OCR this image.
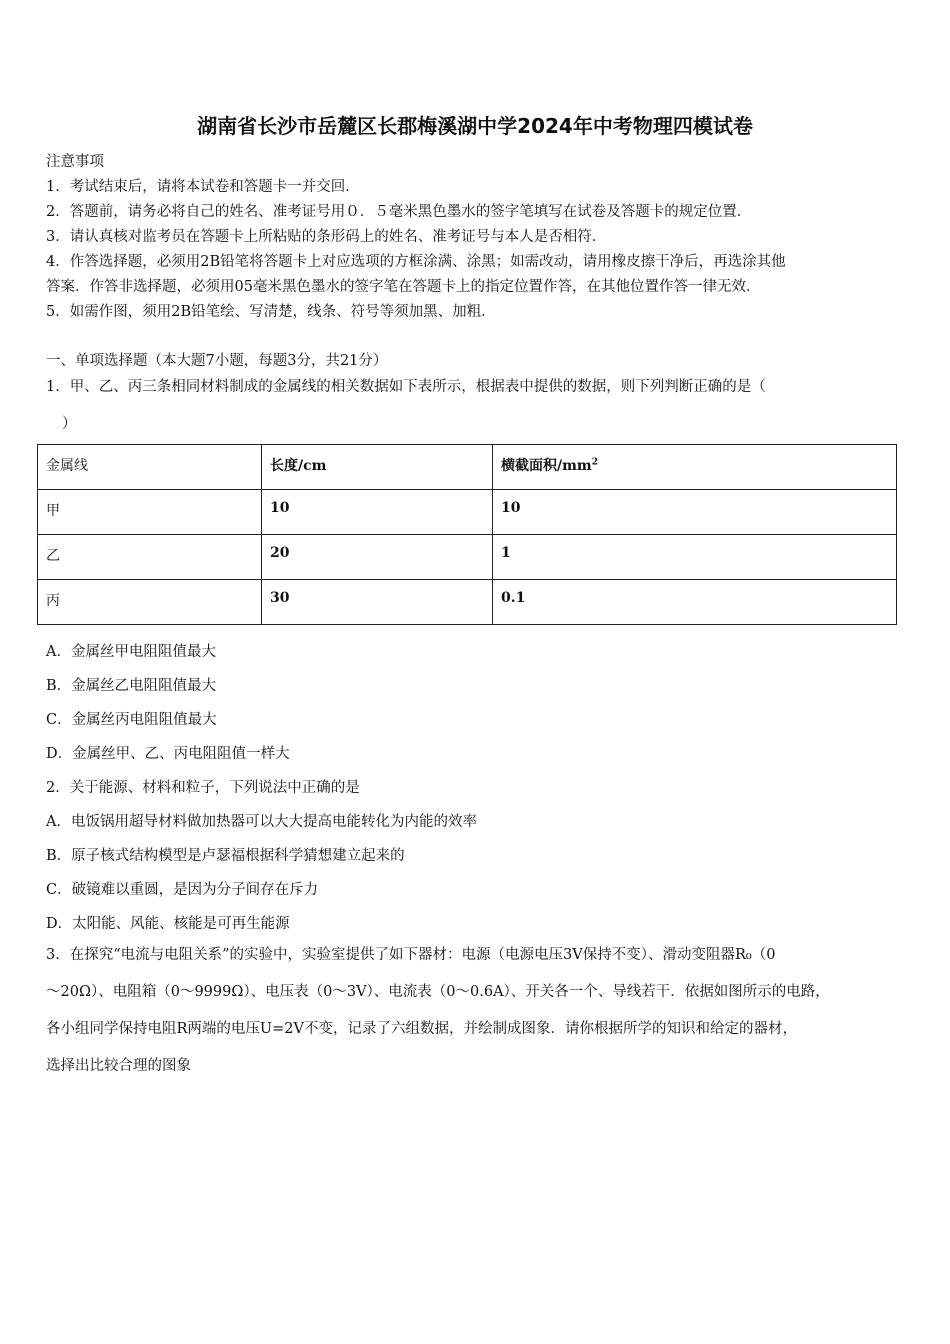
湖南省长沙市岳麓区长郡梅溪湖中学2024年中考物理四模试卷
注意事项
1．考试结束后，请将本试卷和答题卡一并交回．
2．答题前，请务必将自己的姓名、准考证号用０．５毫米黑色墨水的签字笔填写在试卷及答题卡的规定位置．
3．请认真核对监考员在答题卡上所粘贴的条形码上的姓名、准考证号与本人是否相符．
4．作答选择题，必须用2B铅笔将答题卡上对应选项的方框涂满、涂黑；如需改动，请用橡皮擦干净后，再选涂其他
答案．作答非选择题，必须用05毫米黑色墨水的签字笔在答题卡上的指定位置作答，在其他位置作答一律无效．
5．如需作图，须用2B铅笔绘、写清楚，线条、符号等须加黑、加粗．
一、单项选择题（本大题7小题，每题3分，共21分）
1．甲、乙、丙三条相同材料制成的金属线的相关数据如下表所示，根据表中提供的数据，则下列判断正确的是（
）
金属线	长度/cm	横截面积$/mm^2$
甲	10	10
乙	20	1
丙	30	0.1
A．金属丝甲电阻阻值最大
B．金属丝乙电阻阻值最大
C．金属丝丙电阻阻值最大
D．金属丝甲、乙、丙电阻阻值一样大
2．关于能源、材料和粒子，下列说法中正确的是
A．电饭锅用超导材料做加热器可以大大提高电能转化为内能的效率
B．原子核式结构模型是卢瑟福根据科学猜想建立起来的
C．破镜难以重圆，是因为分子间存在斥力
D．太阳能、风能、核能是可再生能源
3．在探究“电流与电阻关系”的实验中，实验室提供了如下器材：电源（电源电压3V保持不变）、滑动变阻器R₀（0
～20Ω）、电阻箱（0～9999Ω）、电压表（0～3V）、电流表（0～0.6A）、开关各一个、导线若干．依据如图所示的电路，
各小组同学保持电阻R两端的电压U=2V不变，记录了六组数据，并绘制成图象．请你根据所学的知识和给定的器材，
选择出比较合理的图象
